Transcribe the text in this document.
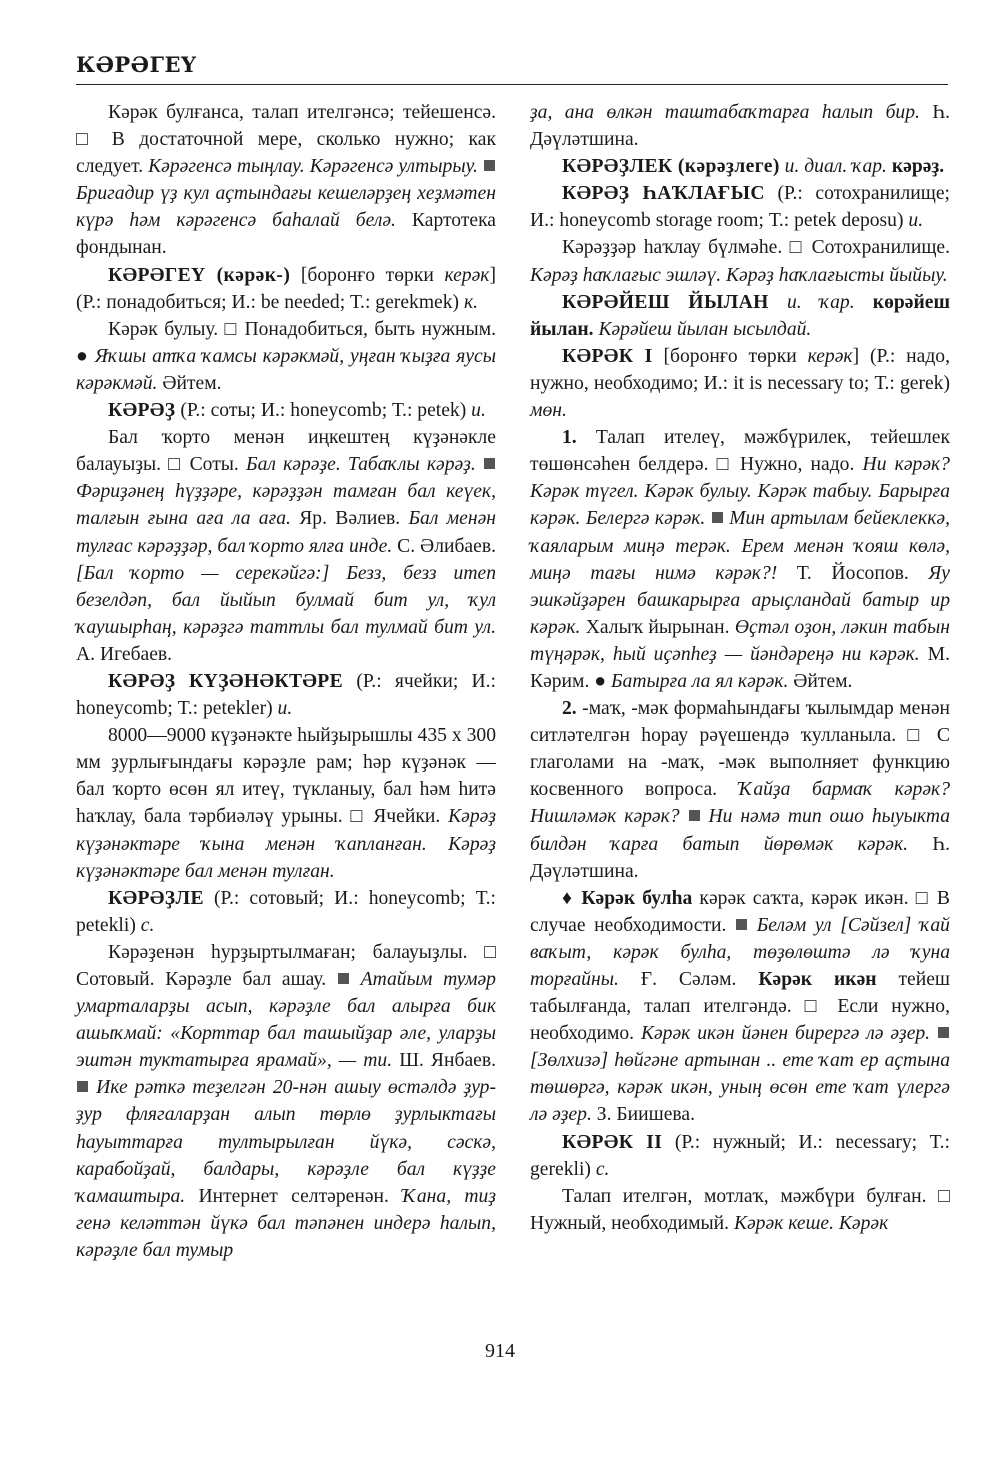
КӘРӘГЕҮ

Кәрәк булғанса, талап ителгәнсә; тейешенсә. □ В достаточной мере, сколько нужно; как следует. Кәрәгенсә тыңлау. Кәрәгенсә ултырыу.  Бригадир үҙ кул аҫтындағы кешеләрҙең хеҙмәтен күрә һәм кәрәгенсә баһалай белә. Картотека фондынан.

КӘРӘГЕҮ (кәрәк-) [боронғо төрки керәк] (Р.: понадобиться; И.: be needed; Т.: gerekmek) к.

Кәрәк булыу. □ Понадобиться, быть нужным. ● Яҡшы атҡа ҡамсы кәрәкмәй, уңған ҡыҙға яусы кәрәкмәй. Әйтем.

КӘРӘҘ (Р.: соты; И.: honeycomb; Т.: petek) и.

Бал ҡорто менән иңкештең күҙәнәкле балауыҙы. □ Соты. Бал кәрәҙе. Табаҡлы кәрәҙ.  Фәриҙәнең һүҙҙәре, кәрәҙҙән тамған бал кеүек, талғын ғына аға ла аға. Яр. Вәлиев. Бал менән тулғас кәрәҙҙәр, бал ҡорто ялға инде. С. Әлибаев. [Бал ҡорто — серекәйгә:] Безз, безз итеп безелдәп, бал йыйып булмай бит ул, ҡул ҡаушырһаң, кәрәҙгә таттлы бал тулмай бит ул. А. Игебаев.

КӘРӘҘ КҮҘӘНӘКТӘРЕ (Р.: ячейки; И.: honeycomb; Т.: petekler) и.

8000—9000 күҙәнәкте һыйҙырышлы 435 х 300 мм ҙурлығындағы кәрәҙле рам; һәр күҙәнәк — бал ҡорто өсөн ял итеү, түкланыу, бал һәм һитә һаҡлау, бала тәрбиәләү урыны. □ Ячейки. Кәрәҙ күҙәнәктәре ҡына менән ҡапланған. Кәрәҙ күҙәнәктәре бал менән тулған.

КӘРӘҘЛЕ (Р.: сотовый; И.: honeycomb; Т.: petekli) с.

Кәрәҙенән һурҙыртылмаған; балауыҙлы. □ Сотовый. Кәрәҙле бал ашау.  Атайым тумәр умарталарҙы асып, кәрәҙле бал алырға бик ашыҡмай: «Корттар бал ташыйҙар әле, уларҙы эштән туктатырға ярамай», — ти. Ш. Янбаев.  Ике рәткә теҙелгән 20-нән ашыу өстәлдә ҙур-ҙур флягаларҙан алып төрлө ҙурлыктағы һауыттарға тултырылған йүкә, сәскә, карабойҙай, балдары, кәрәҙле бал күҙҙе ҡамаштыра. Интернет селтәренән. Ҡана, тиҙ генә келәттән йүкә бал тәпәнен индерә һалып, кәрәҙле бал тумыр

ҙа, ана өлкән таштабаҡтарға һалып бир. Һ. Дәүләтшина.

КӘРӘҘЛЕК (кәрәҙлеге) и. диал. ҡар. кәрәҙ.

КӘРӘҘ ҺАҠЛАҒЫС (Р.: сотохранилище; И.: honeycomb storage room; Т.: petek deposu) и.

Кәрәҙҙәр һаҡлау бүлмәһе. □ Сотохранилище. Кәрәҙ һаҡлағыс эшләү. Кәрәҙ һаҡлағысты йыйыу.

КӘРӘЙЕШ ЙЫЛАН и. ҡар. көрәйеш йылан. Кәрәйеш йылан ысылдай.

КӘРӘК I [боронғо төрки керәк] (Р.: надо, нужно, необходимо; И.: it is necessary to; Т.: gerek) мөн.

1. Талап ителеү, мәжбүрилек, тейешлек төшөнсәһен белдерә. □ Нужно, надо. Ни кәрәк? Кәрәк түгел. Кәрәк булыу. Кәрәк табыу. Барырға кәрәк. Белергә кәрәк.  Мин артылам бейеклеккә, ҡаяларым миңә терәк. Ерем менән ҡояш көлә, миңә тағы нимә кәрәк?! Т. Йосопов. Яу эшкәйҙәрен башкарырға арыҫландай батыр ир кәрәк. Халыҡ йырынан. Өҫтәл оҙон, ләкин табын түңәрәк, һый иҫәпһеҙ — йәндәреңә ни кәрәк. М. Кәрим. ● Батырға ла ял кәрәк. Әйтем.

2. -маҡ, -мәк формаһындағы ҡылымдар менән ситләтелгән һорау рәүешендә ҡулланыла. □ С глаголами на -маҡ, -мәк выполняет функцию косвенного вопроса. Ҡайҙа бармаҡ кәрәк? Нишләмәк кәрәк?  Ни нәмә тип ошо һыуыкта билдән ҡарға батып йөрөмәк кәрәк. Һ. Дәүләтшина.

♦ Кәрәк булһа кәрәк саҡта, кәрәк икән. □ В случае необходимости.  Беләм ул [Сәйзел] ҡай ваҡыт, кәрәк булһа, төҙөлөштә лә ҡуна торғайны. Ғ. Сәләм. Кәрәк икән тейеш табылғанда, талап ителгәндә. □ Если нужно, необходимо. Кәрәк икән йәнен бирергә лә әҙер.  [Зөлхизә] һөйгәне артынан .. ете ҡат ер аҫтына төшөргә, кәрәк икән, уның өсөн ете ҡат үлергә лә әҙер. З. Биишева.

КӘРӘК II (Р.: нужный; И.: necessary; Т.: gerekli) с.

Талап ителгән, мотлаҡ, мәжбүри булған. □ Нужный, необходимый. Кәрәк кеше. Кәрәк

914
